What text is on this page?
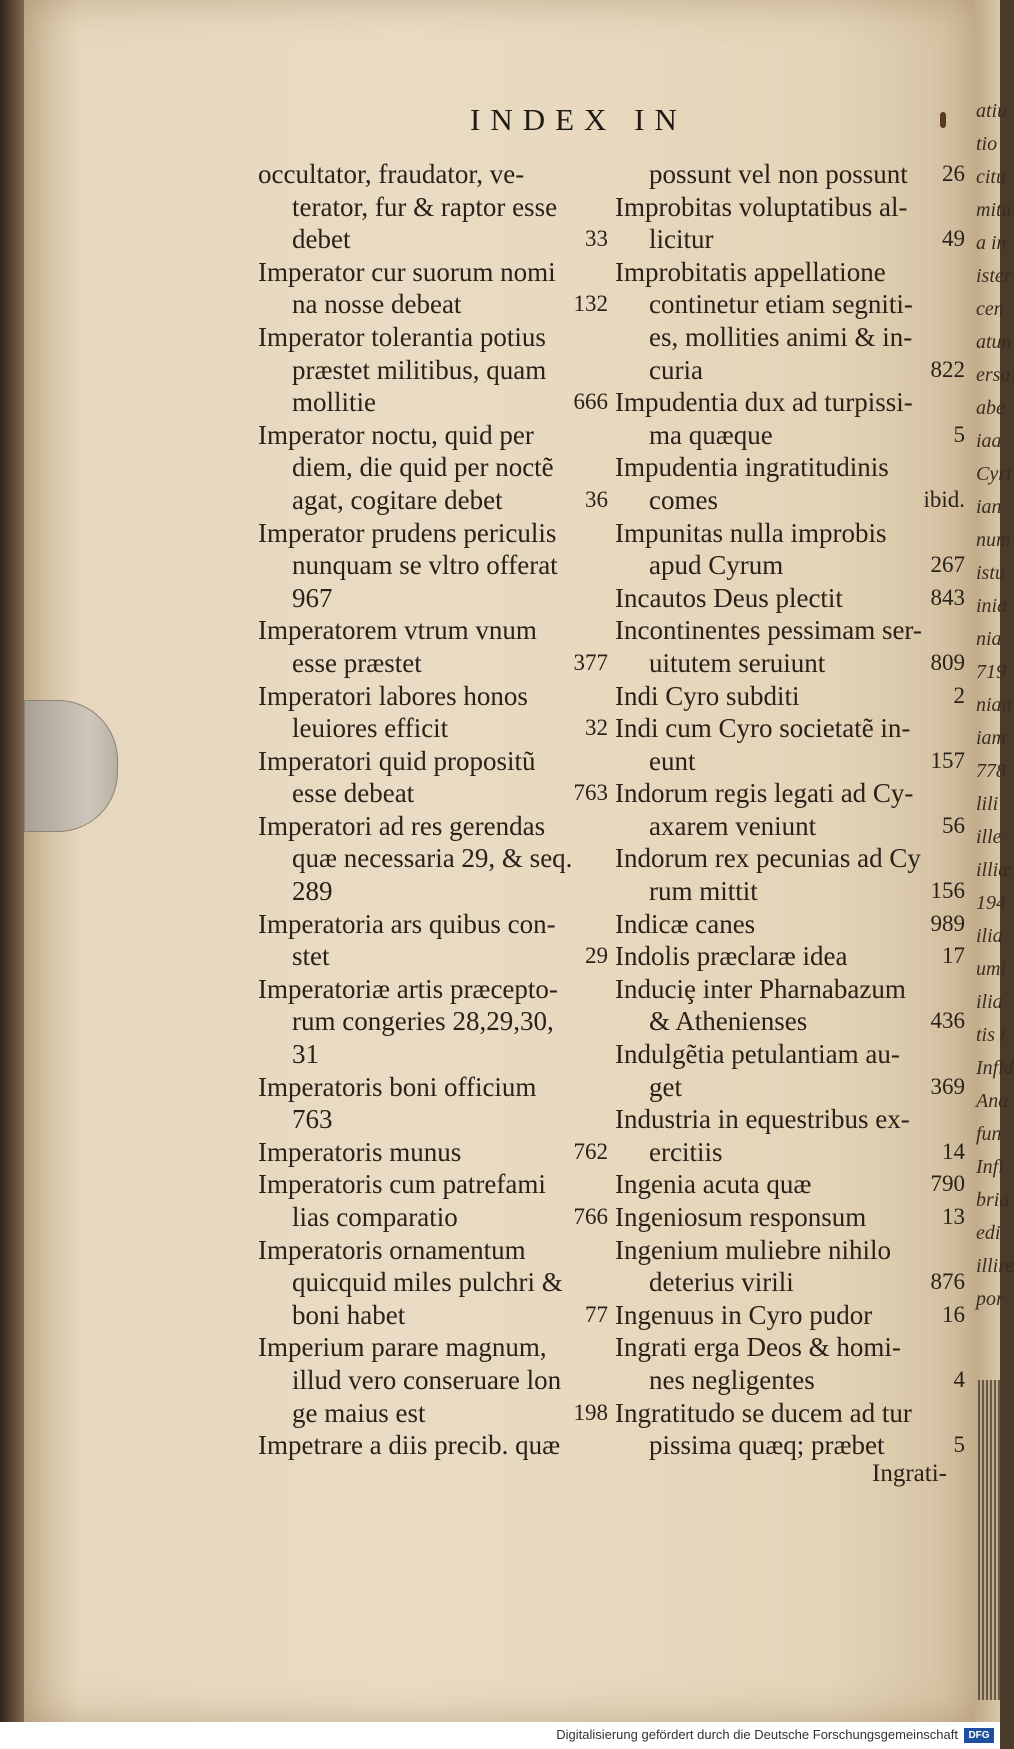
atiu
tio
citu
mitu
a in
ister
cen
atun
ersa
abe
iaa
Cyri
ian
num
istu
inia
nia
719
nian
iam
778
lili
ille
illiæ
194
ilia
umi
ilia
tis i
Infid
Ana
fun
Infi
bria
edi
illire
por
INDEX IN
occultator, fraudator, ve-
terator, fur & raptor esse
debet	33
Imperator cur suorum nomi
na nosse debeat	132
Imperator tolerantia potius
præstet militibus, quam
mollitie	666
Imperator noctu, quid per
diem, die quid per noctẽ
agat, cogitare debet	36
Imperator prudens periculis
nunquam se vltro offerat
967
Imperatorem vtrum vnum
esse præstet	377
Imperatori labores honos
leuiores efficit	32
Imperatori quid propositũ
esse debeat	763
Imperatori ad res gerendas
quæ necessaria 29, & seq.
289
Imperatoria ars quibus con-
stet	29
Imperatoriæ artis præcepto-
rum congeries 28,29,30,
31
Imperatoris boni officium
763
Imperatoris munus	762
Imperatoris cum patrefami
lias comparatio	766
Imperatoris ornamentum
quicquid miles pulchri &
boni habet	77
Imperium parare magnum,
illud vero conseruare lon
ge maius est	198
Impetrare a diis precib. quæ
possunt vel non possunt 26
Improbitas voluptatibus al-
licitur	49
Improbitatis appellatione
continetur etiam segniti-
es, mollities animi & in-
curia	822
Impudentia dux ad turpissi-
ma quæque	5
Impudentia ingratitudinis
comes	ibid.
Impunitas nulla improbis
apud Cyrum	267
Incautos Deus plectit	843
Incontinentes pessimam ser-
uitutem seruiunt	809
Indi Cyro subditi	2
Indi cum Cyro societatẽ in-
eunt	157
Indorum regis legati ad Cy-
axarem veniunt	56
Indorum rex pecunias ad Cy
rum mittit	156
Indicæ canes	989
Indolis præclaræ idea	17
Induciȩ inter Pharnabazum
& Athenienses	436
Indulgẽtia petulantiam au-
get	369
Industria in equestribus ex-
ercitiis	14
Ingenia acuta quæ	790
Ingeniosum responsum	13
Ingenium muliebre nihilo
deterius virili	876
Ingenuus in Cyro pudor	16
Ingrati erga Deos & homi-
nes negligentes	4
Ingratitudo se ducem ad tur
pissima quæq; præbet	5
Ingrati-
Digitalisierung gefördert durch die Deutsche Forschungsgemeinschaft	DFG
